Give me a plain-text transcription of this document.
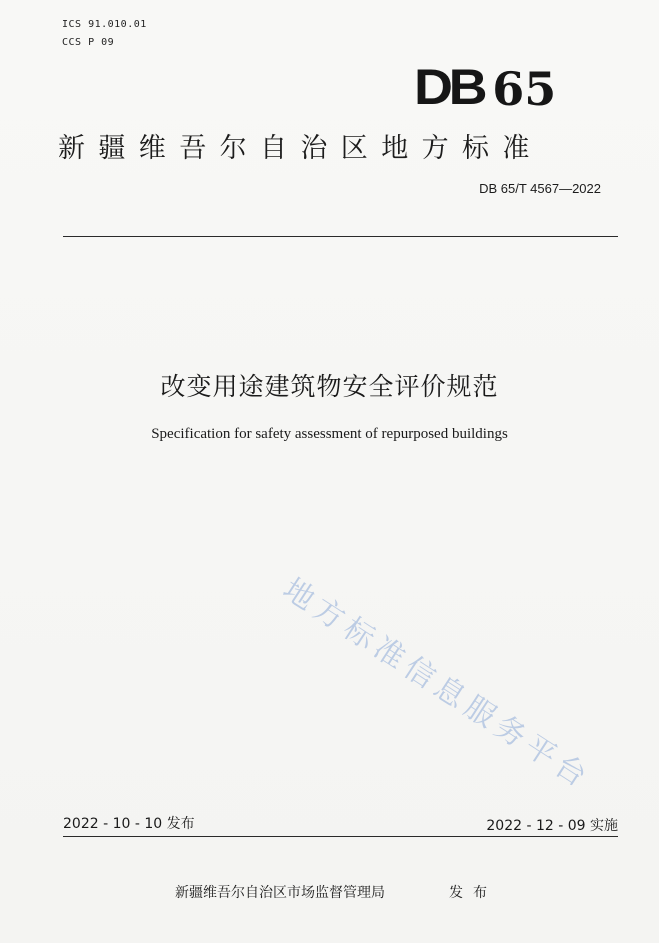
ICS 91.010.01
CCS P 09
DB 65
新疆维吾尔自治区地方标准
DB 65/T 4567—2022
改变用途建筑物安全评价规范
Specification for safety assessment of repurposed buildings
地方标准信息服务平台
2022 - 10 - 10 发布	2022 - 12 - 09 实施
新疆维吾尔自治区市场监督管理局	发布
